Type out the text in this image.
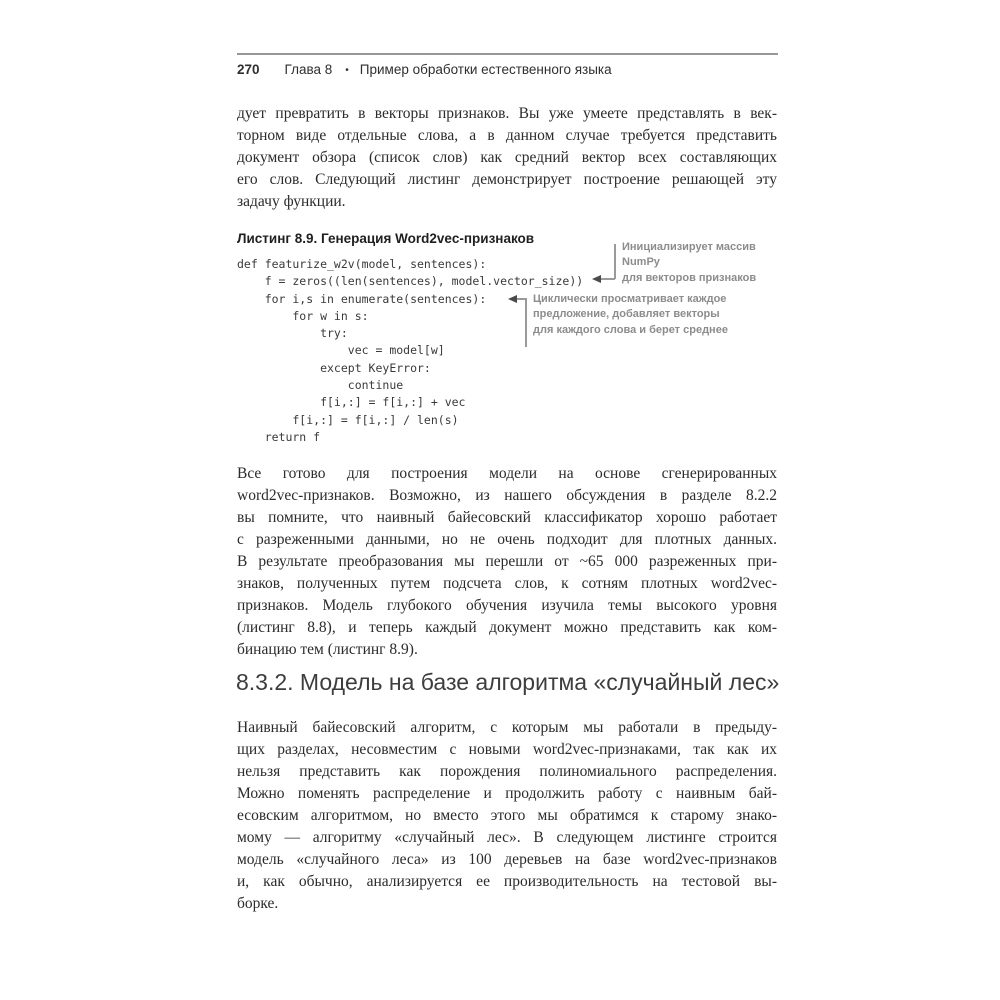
270 Глава 8 • Пример обработки естественного языка
дует превратить в векторы признаков. Вы уже умеете представлять в век-
торном виде отдельные слова, а в данном случае требуется представить
документ обзора (список слов) как средний вектор всех составляющих
его слов. Следующий листинг демонстрирует построение решающей эту
задачу функции.
Листинг 8.9. Генерация Word2vec-признаков
def featurize_w2v(model, sentences):
f = zeros((len(sentences), model.vector_size))
for i,s in enumerate(sentences):
for w in s:
try:
vec = model[w]
except KeyError:
continue
f[i,:] = f[i,:] + vec
f[i,:] = f[i,:] / len(s)
return f
Инициализирует массив NumPy
для векторов признаков
Циклически просматривает каждое
предложение, добавляет векторы
для каждого слова и берет среднее
Все готово для построения модели на основе сгенерированных
word2vec-признаков. Возможно, из нашего обсуждения в разделе 8.2.2
вы помните, что наивный байесовский классификатор хорошо работает
с разреженными данными, но не очень подходит для плотных данных.
В результате преобразования мы перешли от ~65 000 разреженных при-
знаков, полученных путем подсчета слов, к сотням плотных word2vec-
признаков. Модель глубокого обучения изучила темы высокого уровня
(листинг 8.8), и теперь каждый документ можно представить как ком-
бинацию тем (листинг 8.9).
8.3.2. Модель на базе алгоритма «случайный лес»
Наивный байесовский алгоритм, с которым мы работали в предыду-
щих разделах, несовместим с новыми word2vec-признаками, так как их
нельзя представить как порождения полиномиального распределения.
Можно поменять распределение и продолжить работу с наивным бай-
есовским алгоритмом, но вместо этого мы обратимся к старому знако-
мому — алгоритму «случайный лес». В следующем листинге строится
модель «случайного леса» из 100 деревьев на базе word2vec-признаков
и, как обычно, анализируется ее производительность на тестовой вы-
борке.
